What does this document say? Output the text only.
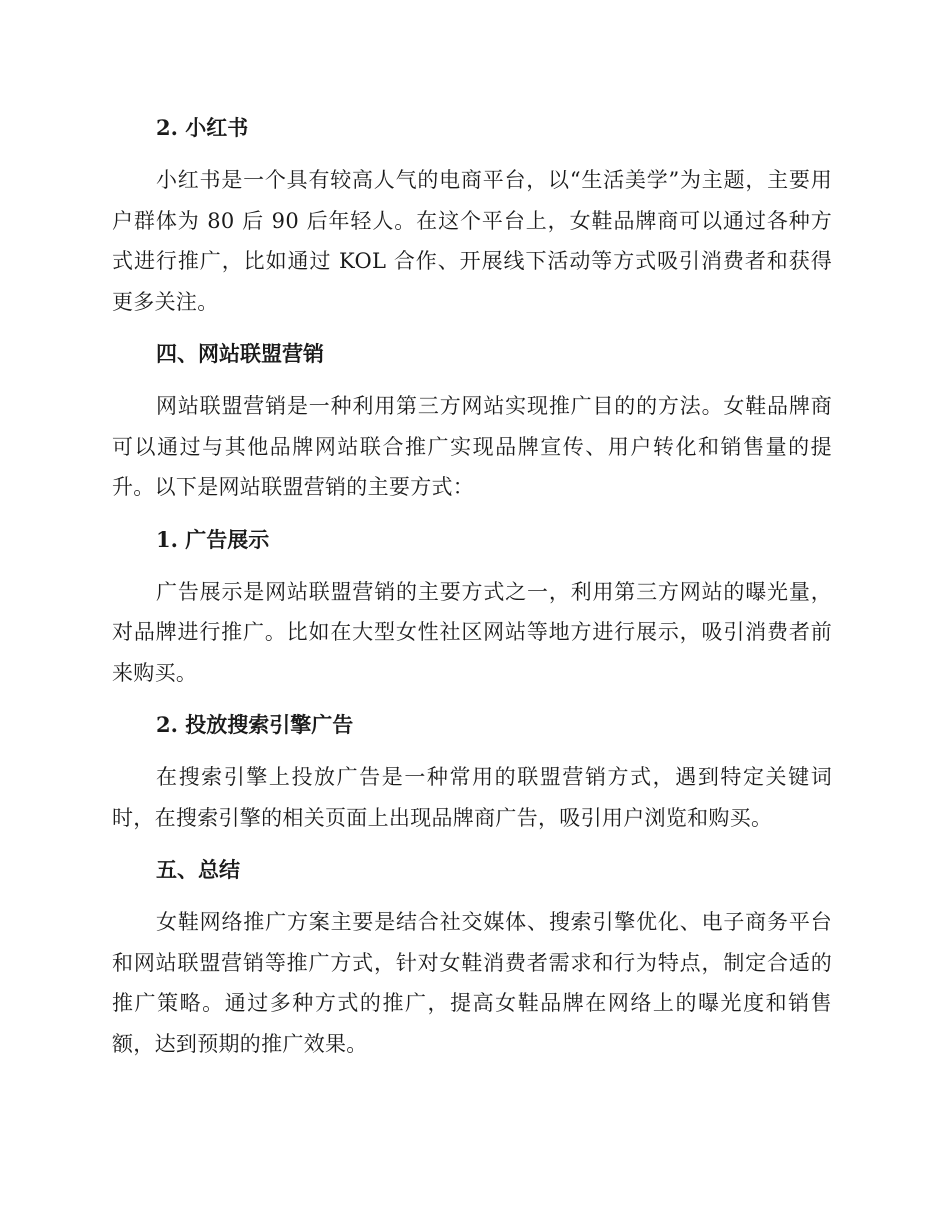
2. 小红书

小红书是一个具有较高人气的电商平台，以“生活美学”为主题，主要用户群体为 80 后 90 后年轻人。在这个平台上，女鞋品牌商可以通过各种方式进行推广，比如通过 KOL 合作、开展线下活动等方式吸引消费者和获得更多关注。

四、网站联盟营销

网站联盟营销是一种利用第三方网站实现推广目的的方法。女鞋品牌商可以通过与其他品牌网站联合推广实现品牌宣传、用户转化和销售量的提升。以下是网站联盟营销的主要方式：

1. 广告展示

广告展示是网站联盟营销的主要方式之一，利用第三方网站的曝光量，对品牌进行推广。比如在大型女性社区网站等地方进行展示，吸引消费者前来购买。

2. 投放搜索引擎广告

在搜索引擎上投放广告是一种常用的联盟营销方式，遇到特定关键词时，在搜索引擎的相关页面上出现品牌商广告，吸引用户浏览和购买。

五、总结

女鞋网络推广方案主要是结合社交媒体、搜索引擎优化、电子商务平台和网站联盟营销等推广方式，针对女鞋消费者需求和行为特点，制定合适的推广策略。通过多种方式的推广，提高女鞋品牌在网络上的曝光度和销售额，达到预期的推广效果。
